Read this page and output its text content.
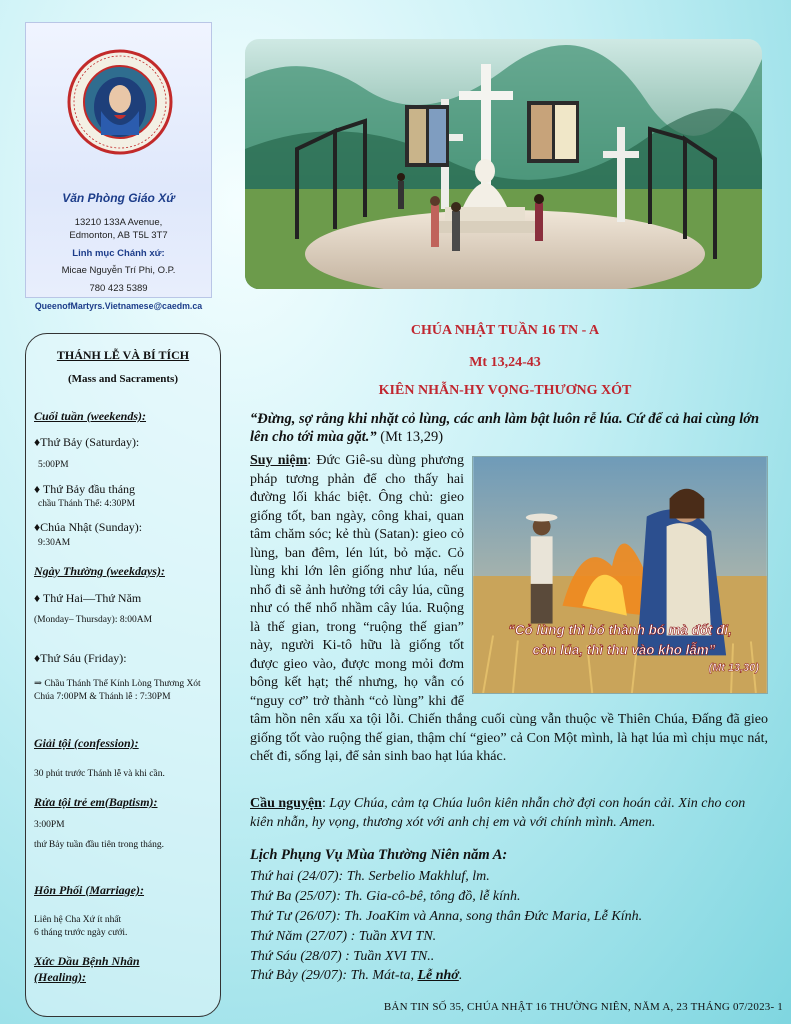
Văn Phòng Giáo Xứ
13210 133A Avenue,
Edmonton, AB T5L 3T7
Linh mục Chánh xứ:
Micae Nguyễn Trí Phi, O.P.
780 423 5389
QueenofMartyrs.Vietnamese@caedm.ca
THÁNH LỄ VÀ BÍ TÍCH
(Mass and Sacraments)
Cuối tuần (weekends):
♦Thứ Bảy (Saturday):
5:00PM
♦ Thứ Bảy đầu tháng
chầu Thánh Thể: 4:30PM
♦Chúa Nhật (Sunday):
9:30AM
Ngày Thường (weekdays):
♦ Thứ Hai—Thứ Năm
(Monday– Thursday): 8:00AM
♦Thứ Sáu (Friday):
⇒ Chầu Thánh Thể Kính Lòng Thương Xót Chúa 7:00PM & Thánh lễ : 7:30PM
Giải tội (confession):
30 phút trước Thánh lễ và khi cần.
Rửa tội trẻ em(Baptism):
3:00PM
thứ Bảy tuần đầu tiên trong tháng.
Hôn Phối (Marriage):
Liên hệ Cha Xứ ít nhất
6 tháng trước ngày cưới.
Xức Dầu Bệnh Nhân
(Healing):
CHÚA NHẬT TUẦN 16 TN - A
Mt 13,24-43
KIÊN NHẪN-HY VỌNG-THƯƠNG XÓT
“Đừng, sợ rằng khi nhặt cỏ lùng, các anh làm bật luôn rễ lúa. Cứ để cả hai cùng lớn lên cho tới mùa gặt.” (Mt 13,29)
“Cỏ lùng thì bó thành bó mà đốt đi,
còn lúa, thì thu vào kho lẫm”
(Mt 13,30)
Suy niệm: Đức Giê-su dùng phương pháp tương phản để cho thấy hai đường lối khác biệt. Ông chủ: gieo giống tốt, ban ngày, công khai, quan tâm chăm sóc; kẻ thù (Satan): gieo cỏ lùng, ban đêm, lén lút, bỏ mặc. Cỏ lùng khi lớn lên giống như lúa, nếu nhổ đi sẽ ảnh hưởng tới cây lúa, cũng như có thể nhổ nhầm cây lúa. Ruộng là thế gian, trong “ruộng thế gian” này, người Ki-tô hữu là giống tốt được gieo vào, được mong mỏi đơm bông kết hạt; thế nhưng, họ vẫn có “nguy cơ” trở thành “cỏ lùng” khi để tâm hồn nên xấu xa tội lỗi. Chiến thắng cuối cùng vẫn thuộc về Thiên Chúa, Đấng đã gieo giống tốt vào ruộng thế gian, thậm chí “gieo” cả Con Một mình, là hạt lúa mì chịu mục nát, chết đi, sống lại, để sản sinh bao hạt lúa khác.
Cầu nguyện: Lạy Chúa, cảm tạ Chúa luôn kiên nhẫn chờ đợi con hoán cải. Xin cho con kiên nhẫn, hy vọng, thương xót với anh chị em và với chính mình. Amen.
Lịch Phụng Vụ Mùa Thường Niên năm A:
Thứ hai (24/07): Th. Serbelio Makhluf, lm.
Thứ Ba (25/07): Th. Gia-cô-bê, tông đồ, lễ kính.
Thứ Tư (26/07): Th. JoaKim và Anna, song thân Đức Maria, Lễ Kính.
Thứ Năm (27/07) : Tuần XVI TN.
Thứ Sáu (28/07) : Tuần XVI TN..
Thứ Bảy (29/07): Th. Mát-ta, Lễ nhớ.
BẢN TIN SỐ 35, CHÚA NHẬT 16 THƯỜNG NIÊN, NĂM A, 23 THÁNG 07/2023- 1
